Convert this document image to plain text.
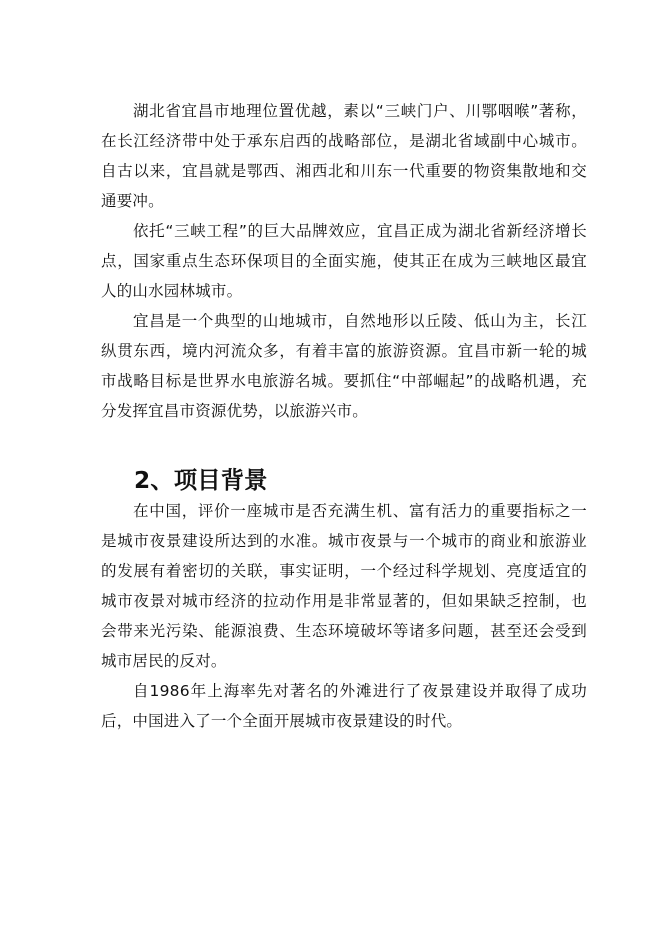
湖北省宜昌市地理位置优越，素以“三峡门户、川鄂咽喉”著称，在长江经济带中处于承东启西的战略部位，是湖北省域副中心城市。自古以来，宜昌就是鄂西、湘西北和川东一代重要的物资集散地和交通要冲。

依托“三峡工程”的巨大品牌效应，宜昌正成为湖北省新经济增长点，国家重点生态环保项目的全面实施，使其正在成为三峡地区最宜人的山水园林城市。

宜昌是一个典型的山地城市，自然地形以丘陵、低山为主，长江纵贯东西，境内河流众多，有着丰富的旅游资源。宜昌市新一轮的城市战略目标是世界水电旅游名城。要抓住“中部崛起”的战略机遇，充分发挥宜昌市资源优势，以旅游兴市。

2、项目背景

在中国，评价一座城市是否充满生机、富有活力的重要指标之一是城市夜景建设所达到的水准。城市夜景与一个城市的商业和旅游业的发展有着密切的关联，事实证明，一个经过科学规划、亮度适宜的城市夜景对城市经济的拉动作用是非常显著的，但如果缺乏控制，也会带来光污染、能源浪费、生态环境破坏等诸多问题，甚至还会受到城市居民的反对。

自1986年上海率先对著名的外滩进行了夜景建设并取得了成功后，中国进入了一个全面开展城市夜景建设的时代。
